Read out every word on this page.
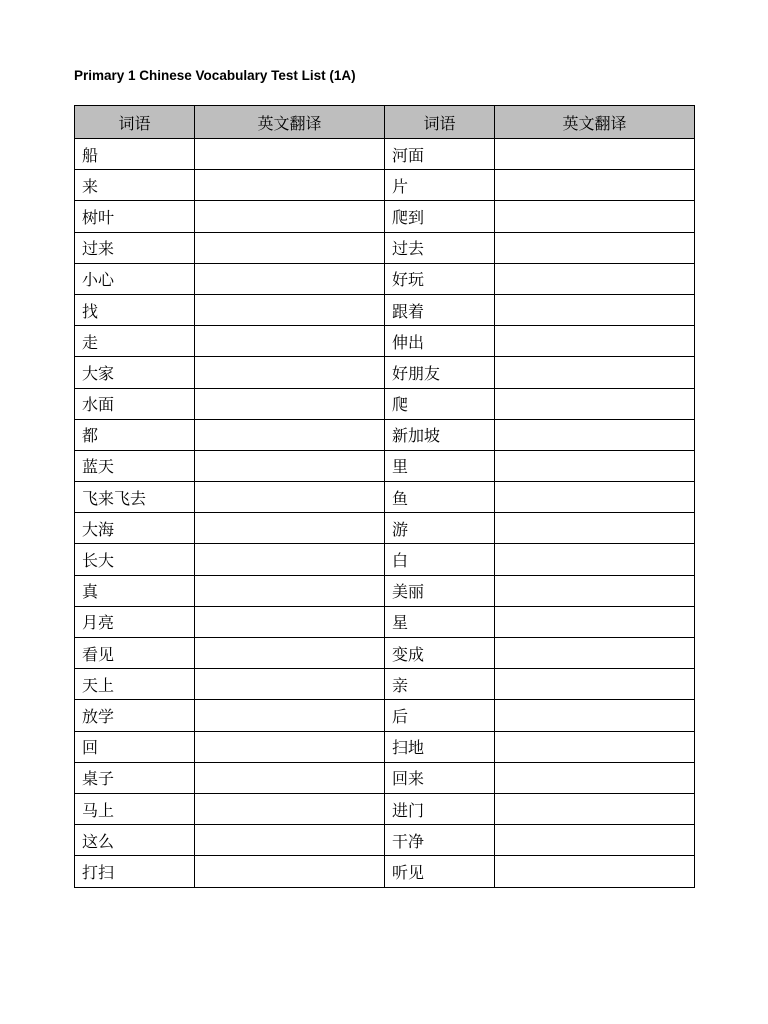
Primary 1 Chinese Vocabulary Test List (1A)
词语	英文翻译	词语	英文翻译
船		河面	
来		片	
树叶		爬到	
过来		过去	
小心		好玩	
找		跟着	
走		伸出	
大家		好朋友	
水面		爬	
都		新加坡	
蓝天		里	
飞来飞去		鱼	
大海		游	
长大		白	
真		美丽	
月亮		星	
看见		变成	
天上		亲	
放学		后	
回		扫地	
桌子		回来	
马上		进门	
这么		干净	
打扫		听见	
